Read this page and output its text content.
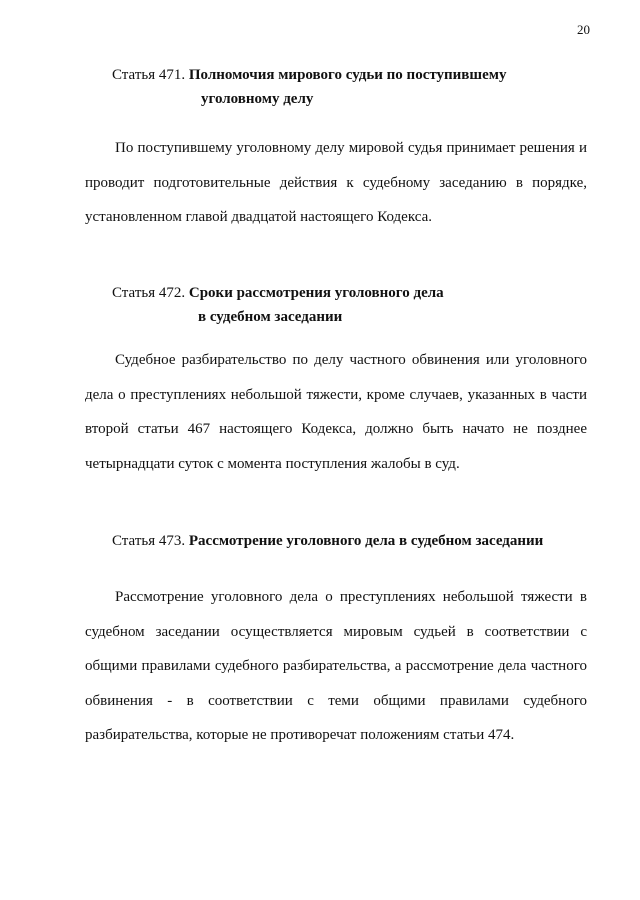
20
Статья 471. Полномочия мирового судьи по поступившему
уголовному делу
По поступившему уголовному делу мировой судья принимает решения и проводит подготовительные действия к судебному заседанию в порядке, установленном главой двадцатой настоящего Кодекса.
Статья 472. Сроки рассмотрения уголовного дела
в судебном заседании
Судебное разбирательство по делу частного обвинения или уголовного дела о преступлениях небольшой тяжести, кроме случаев, указанных в части второй статьи 467 настоящего Кодекса, должно быть начато не позднее четырнадцати суток с момента поступления жалобы в суд.
Статья 473. Рассмотрение уголовного дела в судебном заседании
Рассмотрение уголовного дела о преступлениях небольшой тяжести в судебном заседании осуществляется мировым судьей в соответствии с общими правилами судебного разбирательства, а рассмотрение дела частного обвинения - в соответствии с теми общими правилами судебного разбирательства, которые не противоречат положениям статьи 474.
